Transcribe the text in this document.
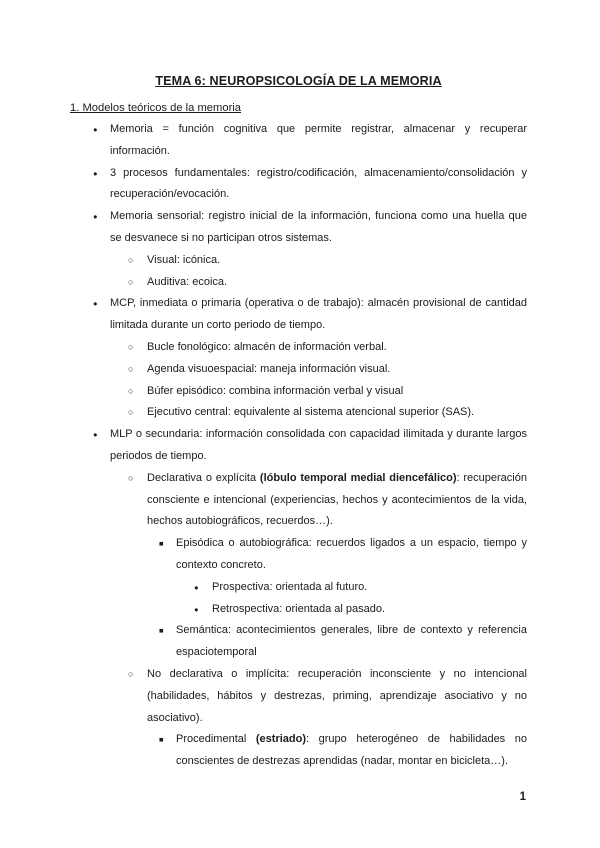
TEMA 6: NEUROPSICOLOGÍA DE LA MEMORIA
1. Modelos teóricos de la memoria
● Memoria = función cognitiva que permite registrar, almacenar y recuperar información.
● 3 procesos fundamentales: registro/codificación, almacenamiento/consolidación y recuperación/evocación.
● Memoria sensorial: registro inicial de la información, funciona como una huella que se desvanece si no participan otros sistemas.
○ Visual: icónica.
○ Auditiva: ecoica.
● MCP, inmediata o primaria (operativa o de trabajo): almacén provisional de cantidad limitada durante un corto periodo de tiempo.
○ Bucle fonológico: almacén de información verbal.
○ Agenda visuoespacial: maneja información visual.
○ Búfer episódico: combina información verbal y visual
○ Ejecutivo central: equivalente al sistema atencional superior (SAS).
● MLP o secundaria: información consolidada con capacidad ilimitada y durante largos periodos de tiempo.
○ Declarativa o explícita (lóbulo temporal medial diencefálico): recuperación consciente e intencional (experiencias, hechos y acontecimientos de la vida, hechos autobiográficos, recuerdos…).
■ Episódica o autobiográfica: recuerdos ligados a un espacio, tiempo y contexto concreto.
● Prospectiva: orientada al futuro.
● Retrospectiva: orientada al pasado.
■ Semántica: acontecimientos generales, libre de contexto y referencia espaciotemporal
○ No declarativa o implícita: recuperación inconsciente y no intencional (habilidades, hábitos y destrezas, priming, aprendizaje asociativo y no asociativo).
■ Procedimental (estriado): grupo heterogéneo de habilidades no conscientes de destrezas aprendidas (nadar, montar en bicicleta…).
1
